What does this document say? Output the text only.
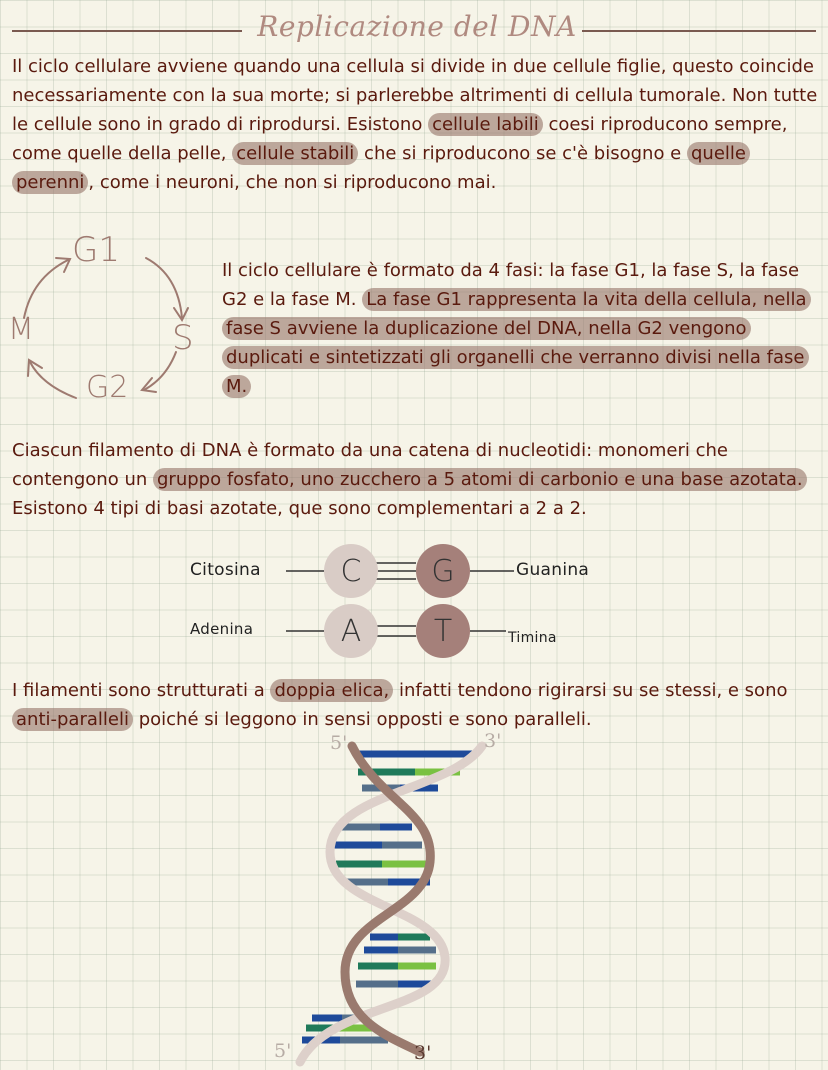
Replicazione del DNA

Il ciclo cellulare avviene quando una cellula si divide in due cellule figlie, questo coincide necessariamente con la sua morte; si parlerebbe altrimenti di cellula tumorale. Non tutte le cellule sono in grado di riprodursi. Esistono cellule labili coesi riproducono sempre, come quelle della pelle, cellule stabili che si riproducono se c'è bisogno e quelle perenni , come i neuroni, che non si riproducono mai.

G1
S
G2
M

Il ciclo cellulare è formato da 4 fasi: la fase G1, la fase S, la fase G2 e la fase M. La fase G1 rappresenta la vita della cellula, nella fase S avviene la duplicazione del DNA, nella G2 vengono duplicati e sintetizzati gli organelli che verranno divisi nella fase M.

Ciascun filamento di DNA è formato da una catena di nucleotidi: monomeri che contengono un gruppo fosfato, uno zucchero a 5 atomi di carbonio e una base azotata. Esistono 4 tipi di basi azotate, que sono complementari a 2 a 2.

Citosina	C	G	Guanina
Adenina	A	T	Timina

I filamenti sono strutturati a doppia elica, infatti tendono rigirarsi su se stessi, e sono anti-paralleli poiché si leggono in sensi opposti e sono paralleli.

5'	3'
5'	3'
